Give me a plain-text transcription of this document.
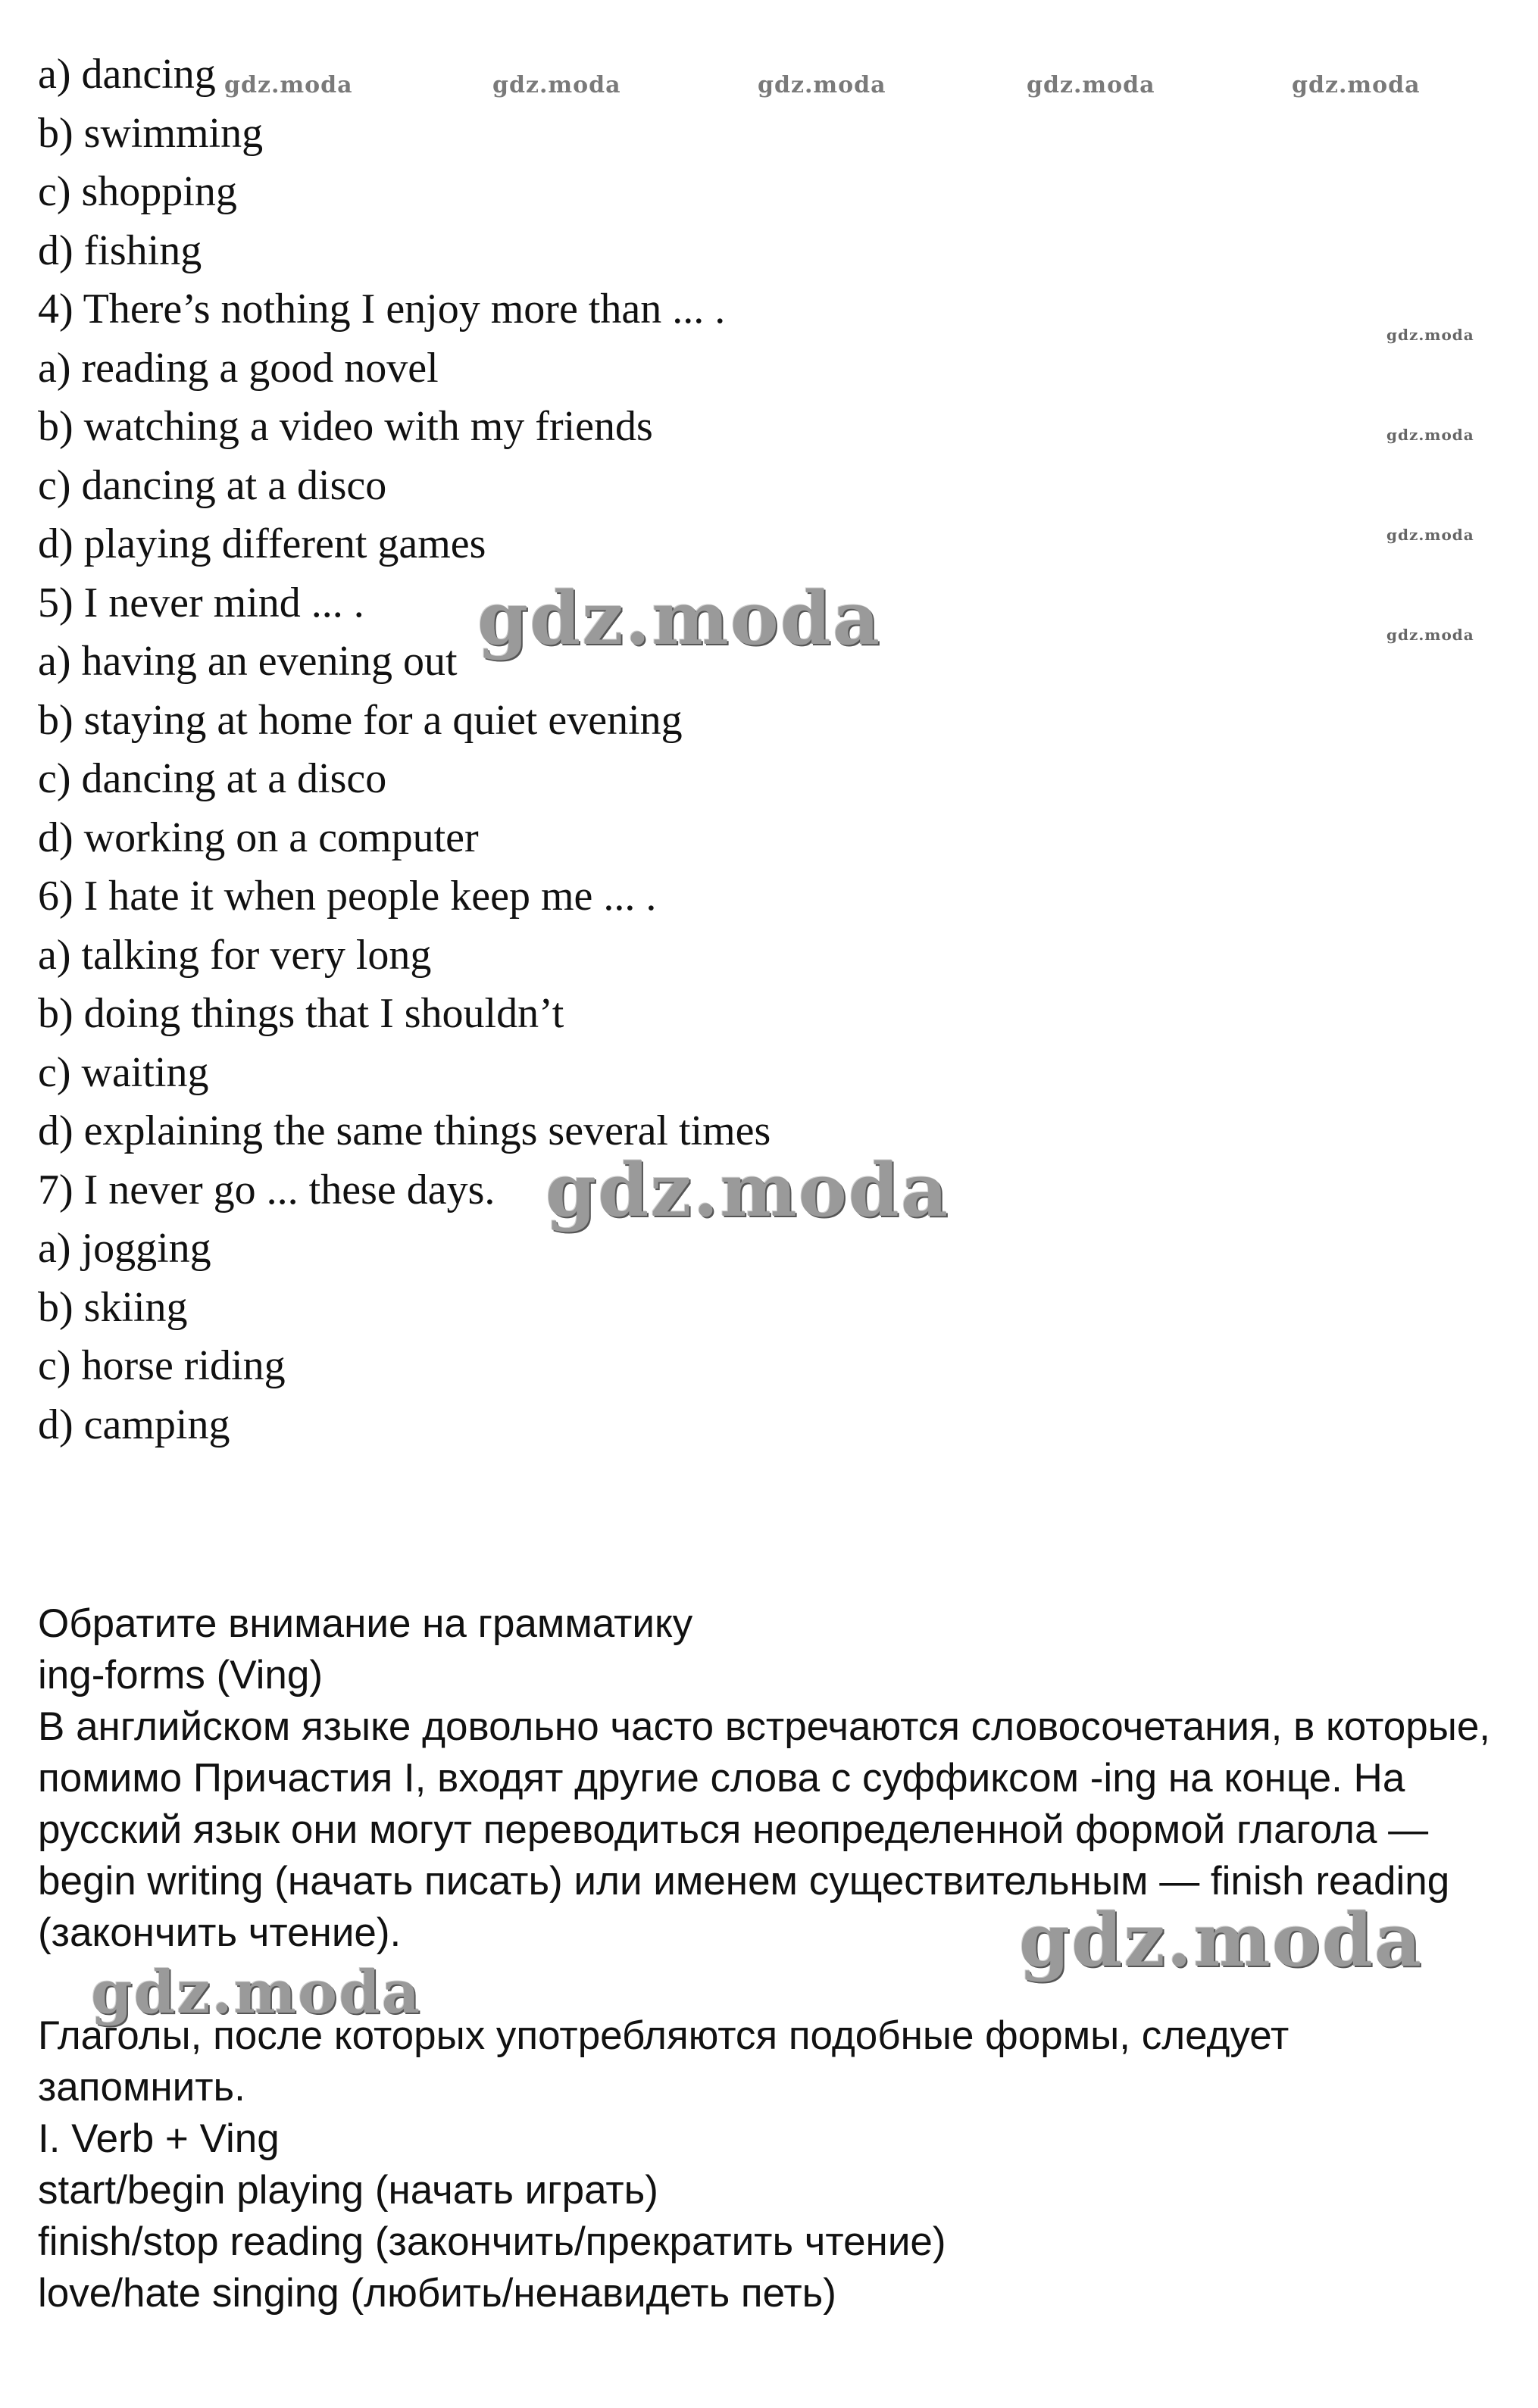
a) dancing
b) swimming
c) shopping
d) fishing
4) There’s nothing I enjoy more than ... .
a) reading a good novel
b) watching a video with my friends
c) dancing at a disco
d) playing different games
5) I never mind ... .
a) having an evening out
b) staying at home for a quiet evening
c) dancing at a disco
d) working on a computer
6) I hate it when people keep me ... .
a) talking for very long
b) doing things that I shouldn’t
c) waiting
d) explaining the same things several times
7) I never go ... these days.
a) jogging
b) skiing
c) horse riding
d) camping
Обратите внимание на грамматику
ing-forms (Ving)
В английском языке довольно часто встречаются словосочетания, в которые,
помимо Причастия I, входят другие слова с суффиксом -ing на конце. На
русский язык они могут переводиться неопределенной формой глагола —
begin writing (начать писать) или именем существительным — finish reading
(закончить чтение).
Глаголы, после которых употребляются подобные формы, следует
запомнить.
I. Verb + Ving
start/begin playing (начать играть)
finish/stop reading (закончить/прекратить чтение)
love/hate singing (любить/ненавидеть петь)
gdz.moda	gdz.moda	gdz.moda	gdz.moda	gdz.moda
gdz.moda
gdz.moda
gdz.moda
gdz.moda
gdz.moda
gdz.moda
gdz.moda
gdz.moda
